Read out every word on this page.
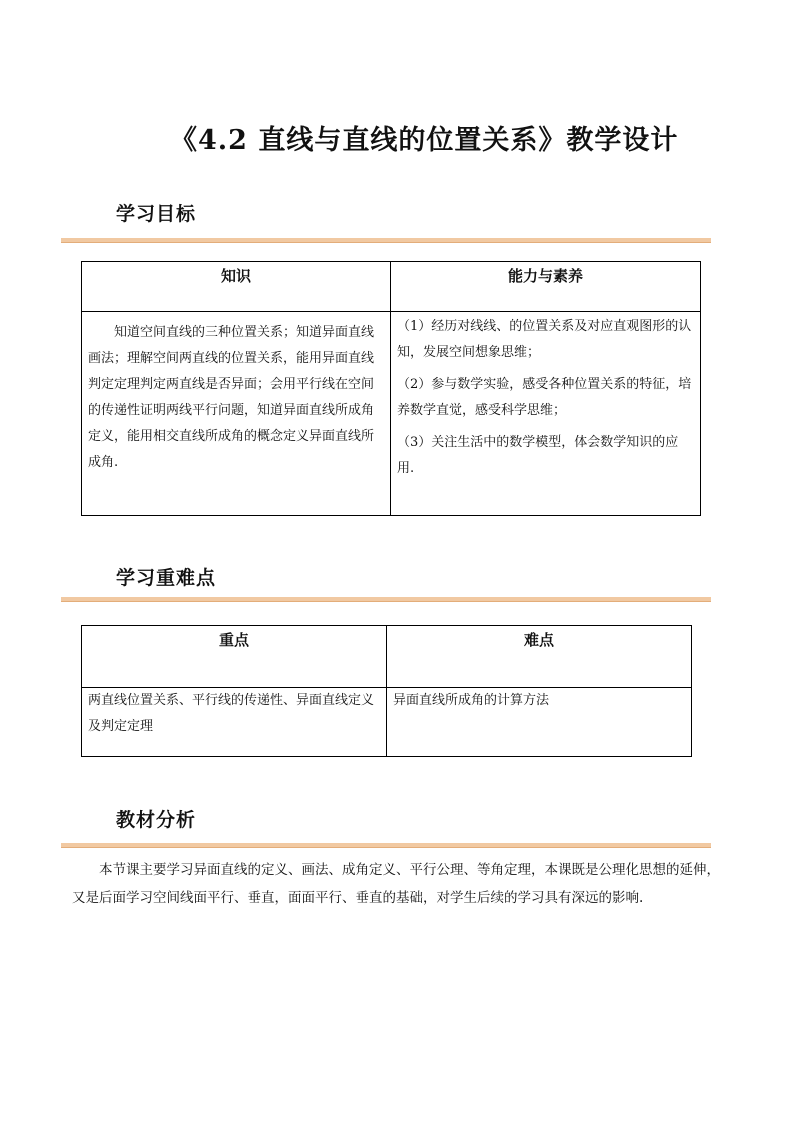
《4.2 直线与直线的位置关系》教学设计
学习目标
知识	能力与素养

知道空间直线的三种位置关系；知道异面直线画法；理解空间两直线的位置关系，能用异面直线判定定理判定两直线是否异面；会用平行线在空间的传递性证明两线平行问题，知道异面直线所成角定义，能用相交直线所成角的概念定义异面直线所成角.	（1）经历对线线、的位置关系及对应直观图形的认知，发展空间想象思维；

（2）参与数学实验，感受各种位置关系的特征，培养数学直觉，感受科学思维；

（3）关注生活中的数学模型，体会数学知识的应用.

学习重难点
重点	难点
两直线位置关系、平行线的传递性、异面直线定义及判定定理	异面直线所成角的计算方法
教材分析
本节课主要学习异面直线的定义、画法、成角定义、平行公理、等角定理，本课既是公理化思想的延伸，又是后面学习空间线面平行、垂直，面面平行、垂直的基础，对学生后续的学习具有深远的影响.
